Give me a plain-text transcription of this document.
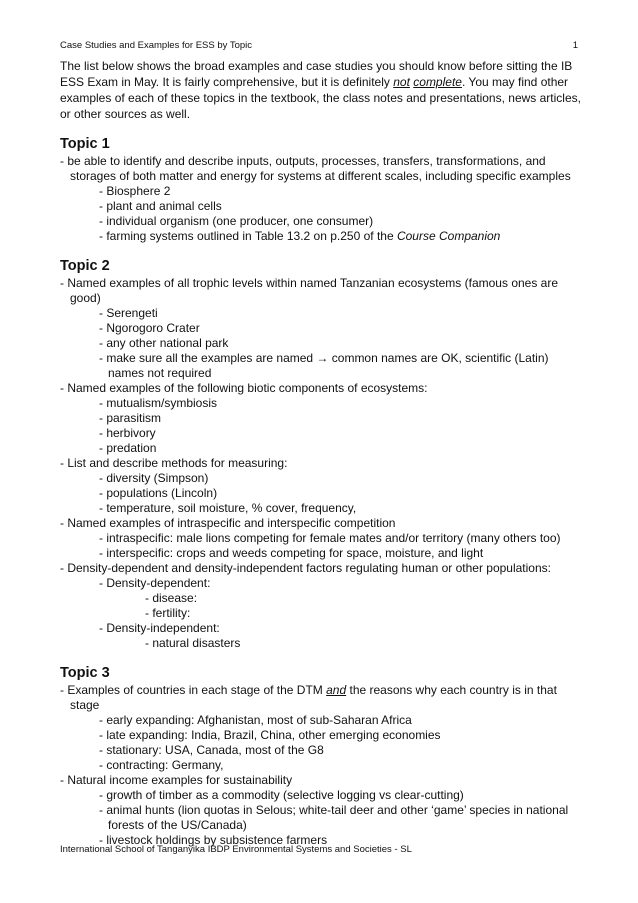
Case Studies and Examples for ESS by Topic	1

The list below shows the broad examples and case studies you should know before sitting the IB ESS Exam in May. It is fairly comprehensive, but it is definitely not complete. You may find other examples of each of these topics in the textbook, the class notes and presentations, news articles, or other sources as well.

Topic 1
- be able to identify and describe inputs, outputs, processes, transfers, transformations, and storages of both matter and energy for systems at different scales, including specific examples
- Biosphere 2
- plant and animal cells
- individual organism (one producer, one consumer)
- farming systems outlined in Table 13.2 on p.250 of the Course Companion
Topic 2
- Named examples of all trophic levels within named Tanzanian ecosystems (famous ones are good)
- Serengeti
- Ngorogoro Crater
- any other national park
- make sure all the examples are named → common names are OK, scientific (Latin) names not required
- Named examples of the following biotic components of ecosystems:
- mutualism/symbiosis
- parasitism
- herbivory
- predation
- List and describe methods for measuring:
- diversity (Simpson)
- populations (Lincoln)
- temperature, soil moisture, % cover, frequency,
- Named examples of intraspecific and interspecific competition
- intraspecific: male lions competing for female mates and/or territory (many others too)
- interspecific: crops and weeds competing for space, moisture, and light
- Density-dependent and density-independent factors regulating human or other populations:
- Density-dependent:
- disease:
- fertility:
- Density-independent:
- natural disasters
Topic 3
- Examples of countries in each stage of the DTM and the reasons why each country is in that stage
- early expanding: Afghanistan, most of sub-Saharan Africa
- late expanding: India, Brazil, China, other emerging economies
- stationary: USA, Canada, most of the G8
- contracting: Germany,
- Natural income examples for sustainability
- growth of timber as a commodity (selective logging vs clear-cutting)
- animal hunts (lion quotas in Selous; white-tail deer and other ‘game’ species in national forests of the US/Canada)
- livestock holdings by subsistence farmers
International School of Tanganyika IBDP Environmental Systems and Societies - SL
